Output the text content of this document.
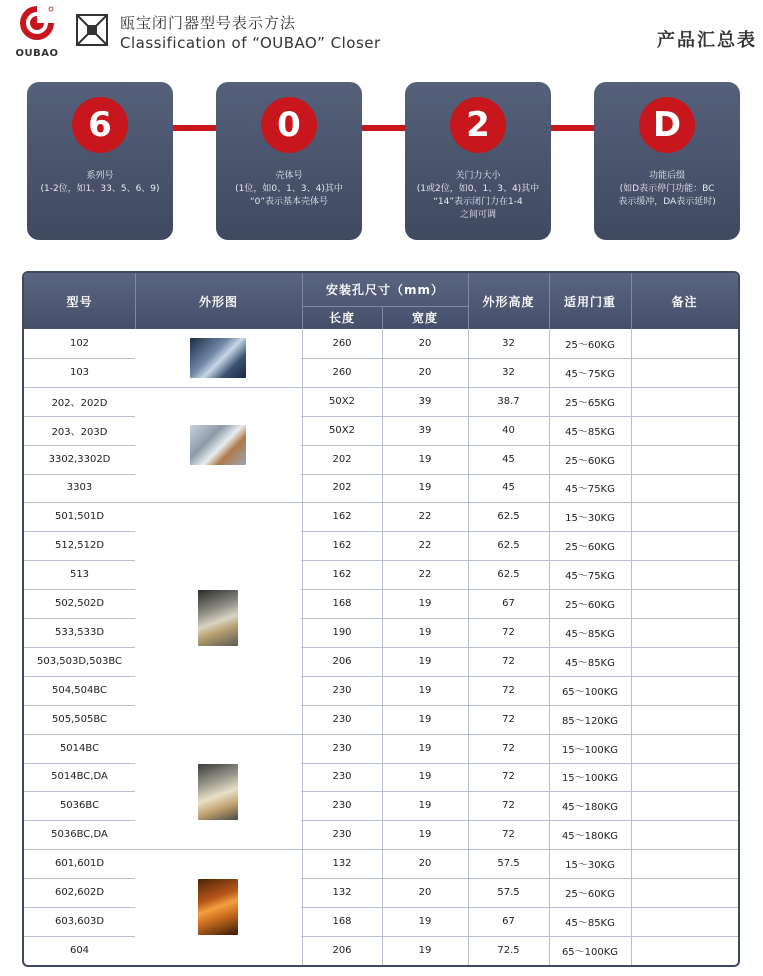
OUBAO
瓯宝闭门器型号表示方法
Classification of “OUBAO” Closer	产品汇总表
6
系列号
(1-2位，如1、33、5、6、9)
0
壳体号
(1位，如0、1、3、4)其中
“0”表示基本壳体号
2
关门力大小
(1或2位，如0、1、3、4)其中
“14”表示闭门力在1-4
之间可调
D
功能后缀
(如D表示停门功能：BC
表示缓冲，DA表示延时)
型号	外形图
安装孔尺寸（mm）
长度	宽度
外形高度	适用门重	备注
102	260	20	32	25～60KG
103	260	20	32	45～75KG
202、202D	50X2	39	38.7	25～65KG
203、203D	50X2	39	40	45～85KG
3302,3302D	202	19	45	25～60KG
3303	202	19	45	45～75KG
501,501D	162	22	62.5	15～30KG
512,512D	162	22	62.5	25～60KG
513	162	22	62.5	45～75KG
502,502D	168	19	67	25～60KG
533,533D	190	19	72	45～85KG
503,503D,503BC	206	19	72	45～85KG
504,504BC	230	19	72	65～100KG
505,505BC	230	19	72	85～120KG
5014BC	230	19	72	15～100KG
5014BC,DA	230	19	72	15～100KG
5036BC	230	19	72	45～180KG
5036BC,DA	230	19	72	45～180KG
601,601D	132	20	57.5	15～30KG
602,602D	132	20	57.5	25～60KG
603,603D	168	19	67	45～85KG
604	206	19	72.5	65～100KG
